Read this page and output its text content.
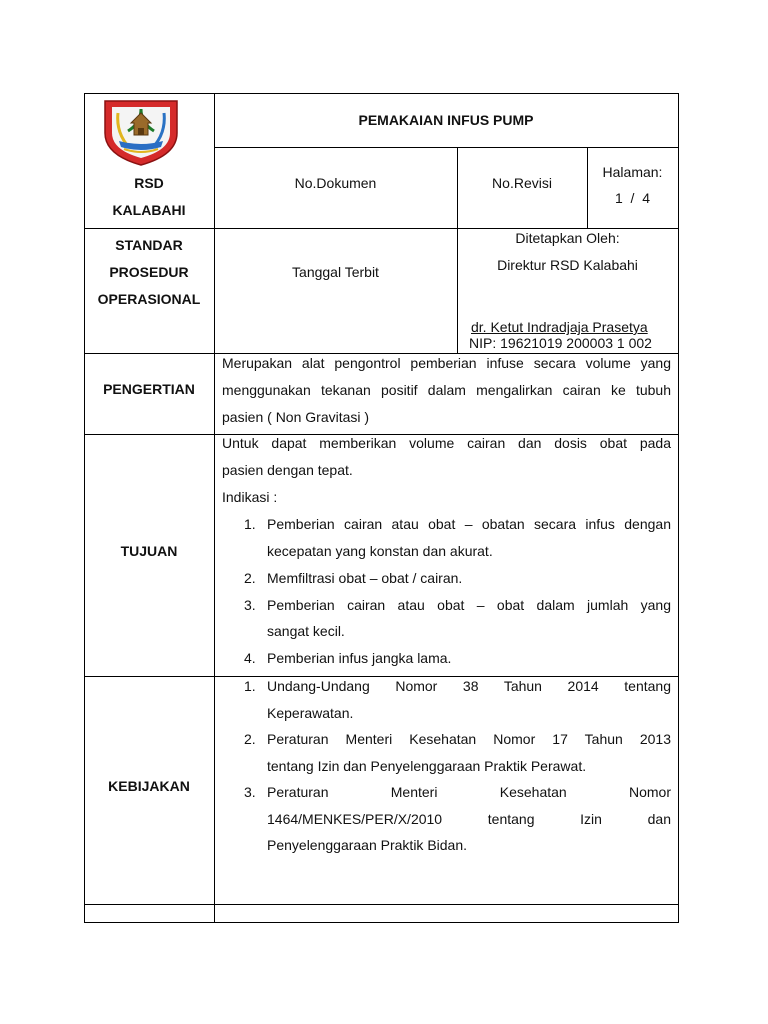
PEMAKAIAN INFUS PUMP
RSD
KALABAHI
No.Dokumen	No.Revisi
Halaman:
1  /  4
STANDAR
PROSEDUR
OPERASIONAL
Tanggal Terbit
Ditetapkan Oleh:
Direktur RSD Kalabahi
dr. Ketut Indradjaja Prasetya
NIP: 19621019 200003 1 002
PENGERTIAN
Merupakan alat pengontrol pemberian infuse secara volume yang
menggunakan tekanan positif dalam mengalirkan cairan ke tubuh
pasien ( Non Gravitasi )
TUJUAN
Untuk dapat memberikan volume cairan dan dosis obat pada
pasien dengan tepat.
Indikasi :
1. Pemberian cairan atau obat – obatan secara infus dengan
kecepatan yang konstan dan akurat.
2. Memfiltrasi obat – obat / cairan.
3. Pemberian cairan atau obat – obat dalam jumlah yang
sangat kecil.
4. Pemberian infus jangka lama.
KEBIJAKAN
1. Undang-Undang Nomor 38 Tahun 2014 tentang
Keperawatan.
2. Peraturan Menteri Kesehatan Nomor 17 Tahun 2013
tentang Izin dan Penyelenggaraan Praktik Perawat.
3. Peraturan Menteri Kesehatan Nomor
1464/MENKES/PER/X/2010 tentang Izin dan
Penyelenggaraan Praktik Bidan.
